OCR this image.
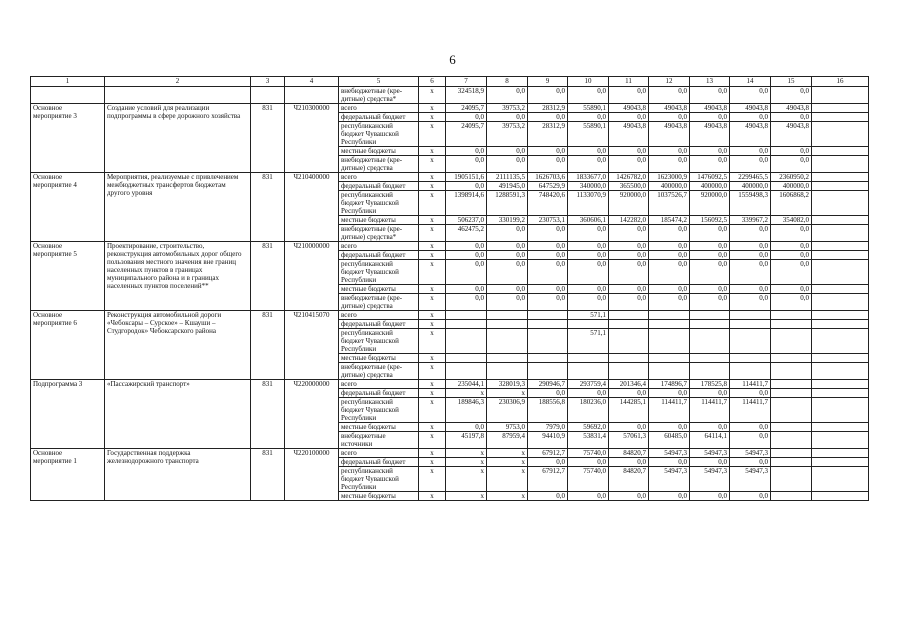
6
1	2	3	4	5	6	7	8	9	10	11	12	13	14	15	16
				внебюджетные (кре-дитные) средства*	х	324518,9	0,0	0,0	0,0	0,0	0,0	0,0	0,0	0,0	
Основное мероприятие 3	Создание условий для реализации подпрограммы в сфере дорожного хозяйства	831	Ч210300000	всего	х	24095,7	39753,2	28312,9	55890,1	49043,8	49043,8	49043,8	49043,8	49043,8	
				федеральный бюджет	х	0,0	0,0	0,0	0,0	0,0	0,0	0,0	0,0	0,0	
				республиканский бюджет Чувашской Республики	х	24095,7	39753,2	28312,9	55890,1	49043,8	49043,8	49043,8	49043,8	49043,8	
				местные бюджеты	х	0,0	0,0	0,0	0,0	0,0	0,0	0,0	0,0	0,0	
				внебюджетные (кре-дитные) средства	х	0,0	0,0	0,0	0,0	0,0	0,0	0,0	0,0	0,0	
Основное мероприятие 4	Мероприятия, реализуемые с привлечением межбюджетных трансфертов бюджетам другого уровня	831	Ч210400000	всего	х	1905151,6	2111135,5	1626703,6	1833677,0	1426782,0	1623000,9	1476092,5	2299465,5	2360950,2	
				федеральный бюджет	х	0,0	491945,0	647529,9	340000,0	365500,0	400000,0	400000,0	400000,0	400000,0	
				республиканский бюджет Чувашской Республики	х	1398914,6	1288591,3	748420,6	1133070,9	920000,0	1037526,7	920000,0	1559498,3	1606868,2	
				местные бюджеты	х	506237,0	330199,2	230753,1	360606,1	142282,0	185474,2	156092,5	339967,2	354082,0	
				внебюджетные (кре-дитные) средства*	х	462475,2	0,0	0,0	0,0	0,0	0,0	0,0	0,0	0,0	
Основное мероприятие 5	Проектирование, строительство, реконструкция автомобильных дорог общего пользования местного значения вне границ населенных пунктов в границах муниципального района и в границах населенных пунктов поселений**	831	Ч210000000	всего	х	0,0	0,0	0,0	0,0	0,0	0,0	0,0	0,0	0,0	
				федеральный бюджет	х	0,0	0,0	0,0	0,0	0,0	0,0	0,0	0,0	0,0	
				республиканский бюджет Чувашской Республики	х	0,0	0,0	0,0	0,0	0,0	0,0	0,0	0,0	0,0	
				местные бюджеты	х	0,0	0,0	0,0	0,0	0,0	0,0	0,0	0,0	0,0	
				внебюджетные (кре-дитные) средства	х	0,0	0,0	0,0	0,0	0,0	0,0	0,0	0,0	0,0	
Основное мероприятие 6	Реконструкция автомобильной дороги «Чебоксары – Сурское» – Кшауши – Студгородок» Чебоксарского района	831	Ч210415070	всего	х				571,1						
				федеральный бюджет	х										
				республиканский бюджет Чувашской Республики	х				571,1						
				местные бюджеты	х										
				внебюджетные (кре-дитные) средства	х										
Подпрограмма 3	«Пассажирский транспорт»	831	Ч220000000	всего	х	235044,1	328019,3	290946,7	293759,4	201346,4	174896,7	178525,8	114411,7		
				федеральный бюджет	х	х	х	0,0	0,0	0,0	0,0	0,0	0,0		
				республиканский бюджет Чувашской Республики	х	189846,3	230306,9	188556,8	180236,0	144285,1	114411,7	114411,7	114411,7		
				местные бюджеты	х	0,0	9753,0	7979,0	59692,0	0,0	0,0	0,0	0,0		
				внебюджетные источники	х	45197,8	87959,4	94410,9	53831,4	57061,3	60485,0	64114,1	0,0		
Основное мероприятие 1	Государственная поддержка железнодорожного транспорта	831	Ч220100000	всего	х	х	х	67912,7	75740,0	84820,7	54947,3	54947,3	54947,3		
				федеральный бюджет	х	х	х	0,0	0,0	0,0	0,0	0,0	0,0		
				республиканский бюджет Чувашской Республики	х	х	х	67912,7	75740,0	84820,7	54947,3	54947,3	54947,3		
				местные бюджеты	х	х	х	0,0	0,0	0,0	0,0	0,0	0,0		
